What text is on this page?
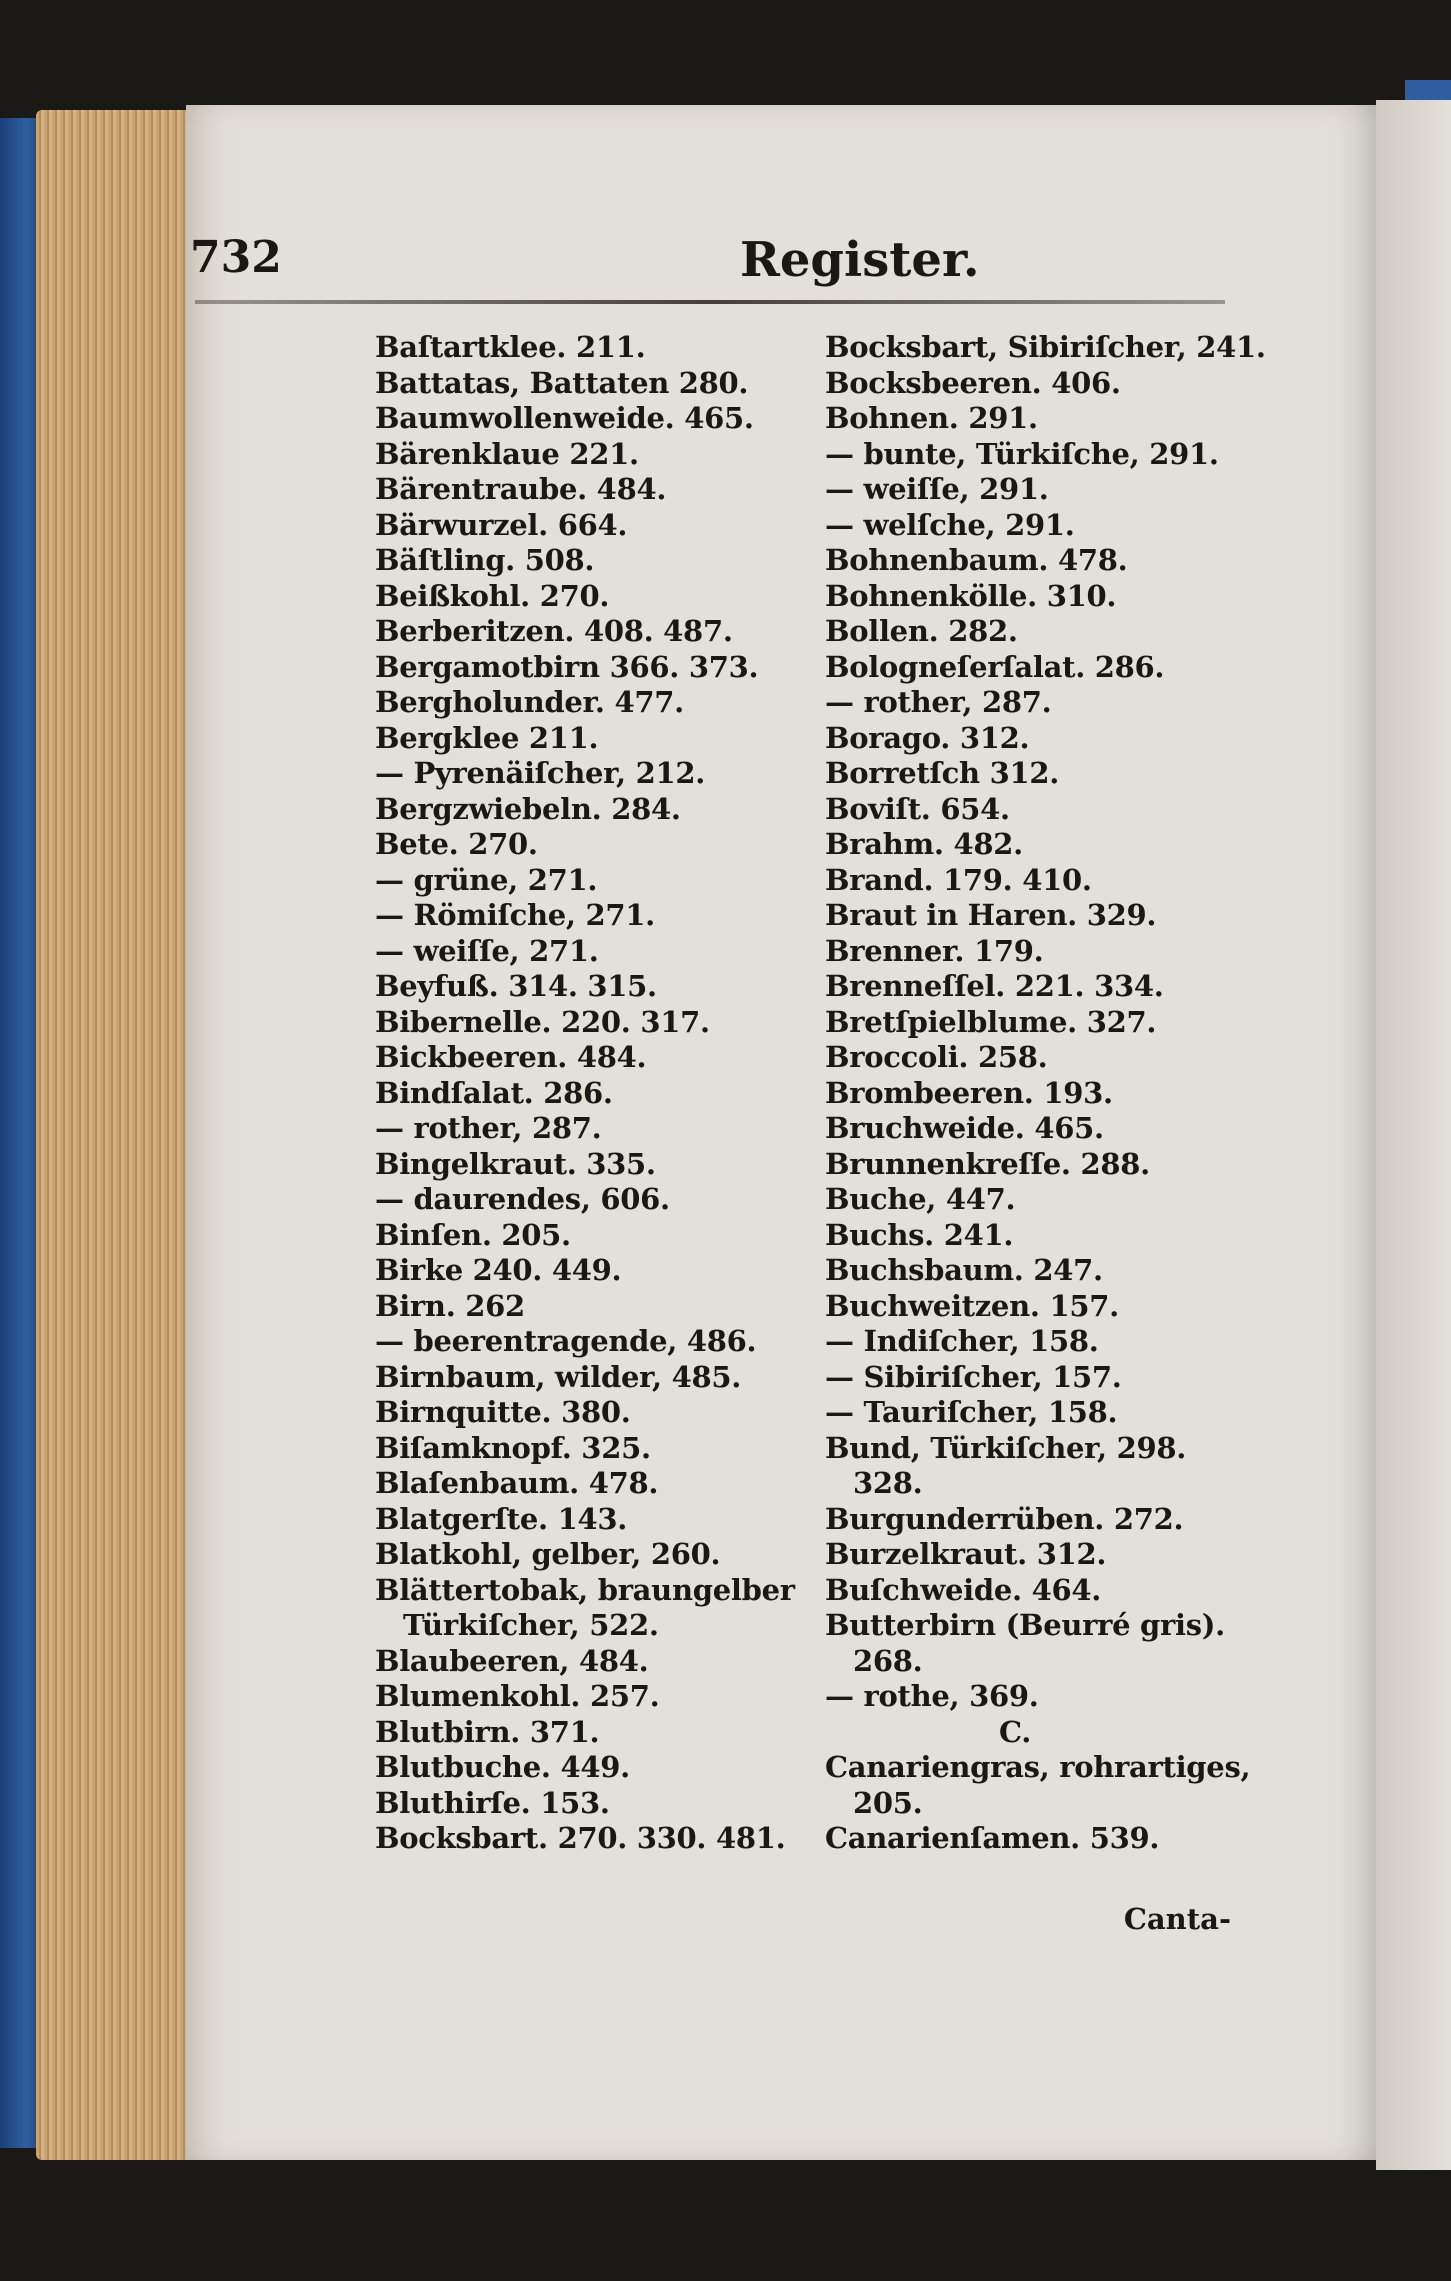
732	Register.
Baſtartklee. 211.
Battatas, Battaten 280.
Baumwollenweide. 465.
Bärenklaue 221.
Bärentraube. 484.
Bärwurzel. 664.
Bäſtling. 508.
Beißkohl. 270.
Berberitzen. 408. 487.
Bergamotbirn 366. 373.
Bergholunder. 477.
Bergklee 211.
— Pyrenäiſcher, 212.
Bergzwiebeln. 284.
Bete. 270.
— grüne, 271.
— Römiſche, 271.
— weiſſe, 271.
Beyfuß. 314. 315.
Bibernelle. 220. 317.
Bickbeeren. 484.
Bindſalat. 286.
— rother, 287.
Bingelkraut. 335.
— daurendes, 606.
Binſen. 205.
Birke 240. 449.
Birn. 262
— beerentragende, 486.
Birnbaum, wilder, 485.
Birnquitte. 380.
Biſamknopf. 325.
Blaſenbaum. 478.
Blatgerſte. 143.
Blatkohl, gelber, 260.
Blättertobak, braungelber
Türkiſcher, 522.
Blaubeeren, 484.
Blumenkohl. 257.
Blutbirn. 371.
Blutbuche. 449.
Bluthirſe. 153.
Bocksbart. 270. 330. 481.
Bocksbart, Sibiriſcher, 241.
Bocksbeeren. 406.
Bohnen. 291.
— bunte, Türkiſche, 291.
— weiſſe, 291.
— welſche, 291.
Bohnenbaum. 478.
Bohnenkölle. 310.
Bollen. 282.
Bologneſerſalat. 286.
— rother, 287.
Borago. 312.
Borretſch 312.
Boviſt. 654.
Brahm. 482.
Brand. 179. 410.
Braut in Haren. 329.
Brenner. 179.
Brenneſſel. 221. 334.
Bretſpielblume. 327.
Broccoli. 258.
Brombeeren. 193.
Bruchweide. 465.
Brunnenkreſſe. 288.
Buche, 447.
Buchs. 241.
Buchsbaum. 247.
Buchweitzen. 157.
— Indiſcher, 158.
— Sibiriſcher, 157.
— Tauriſcher, 158.
Bund, Türkiſcher, 298.
328.
Burgunderrüben. 272.
Burzelkraut. 312.
Buſchweide. 464.
Butterbirn (Beurré gris).
268.
— rothe, 369.
C.
Canariengras, rohrartiges,
205.
Canarienſamen. 539.
Canta-
